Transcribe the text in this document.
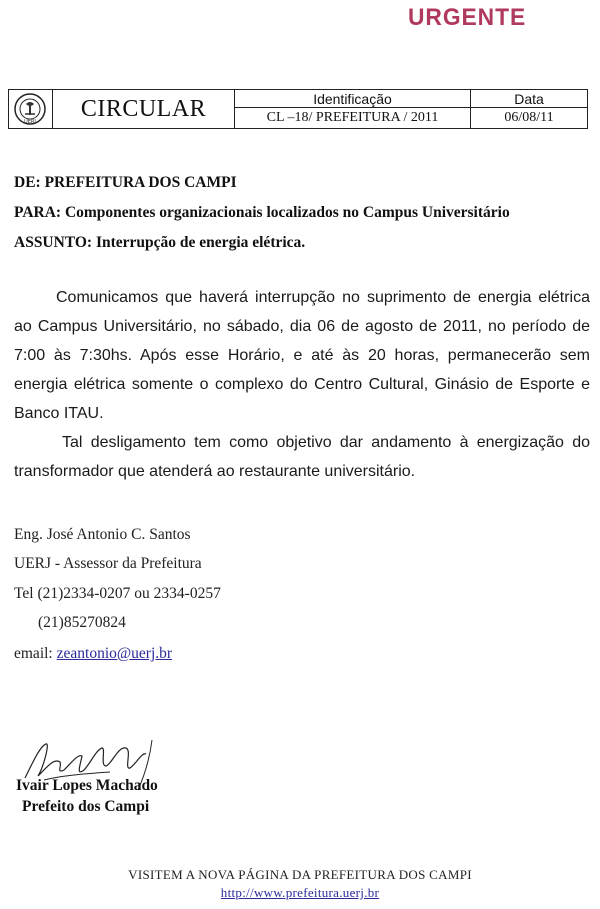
URGENTE
UERJ	CIRCULAR	Identificação
CL –18/ PREFEITURA / 2011
Data
06/08/11
DE: PREFEITURA DOS CAMPI
PARA: Componentes organizacionais localizados no Campus Universitário
ASSUNTO: Interrupção de energia elétrica.
Comunicamos que haverá interrupção no suprimento de energia elétrica ao Campus Universitário, no sábado, dia 06 de agosto de 2011, no período de 7:00 às 7:30hs. Após esse Horário, e até às 20 horas, permanecerão sem energia elétrica somente o complexo do Centro Cultural, Ginásio de Esporte e Banco ITAU.
Tal desligamento tem como objetivo dar andamento à energização do transformador que atenderá ao restaurante universitário.
Eng. José Antonio C. Santos
UERJ - Assessor da Prefeitura
Tel (21)2334-0207 ou 2334-0257
(21)85270824
email: zeantonio@uerj.br
Ivair Lopes Machado
Prefeito dos Campi
VISITEM A NOVA PÁGINA DA PREFEITURA DOS CAMPI
http://www.prefeitura.uerj.br
